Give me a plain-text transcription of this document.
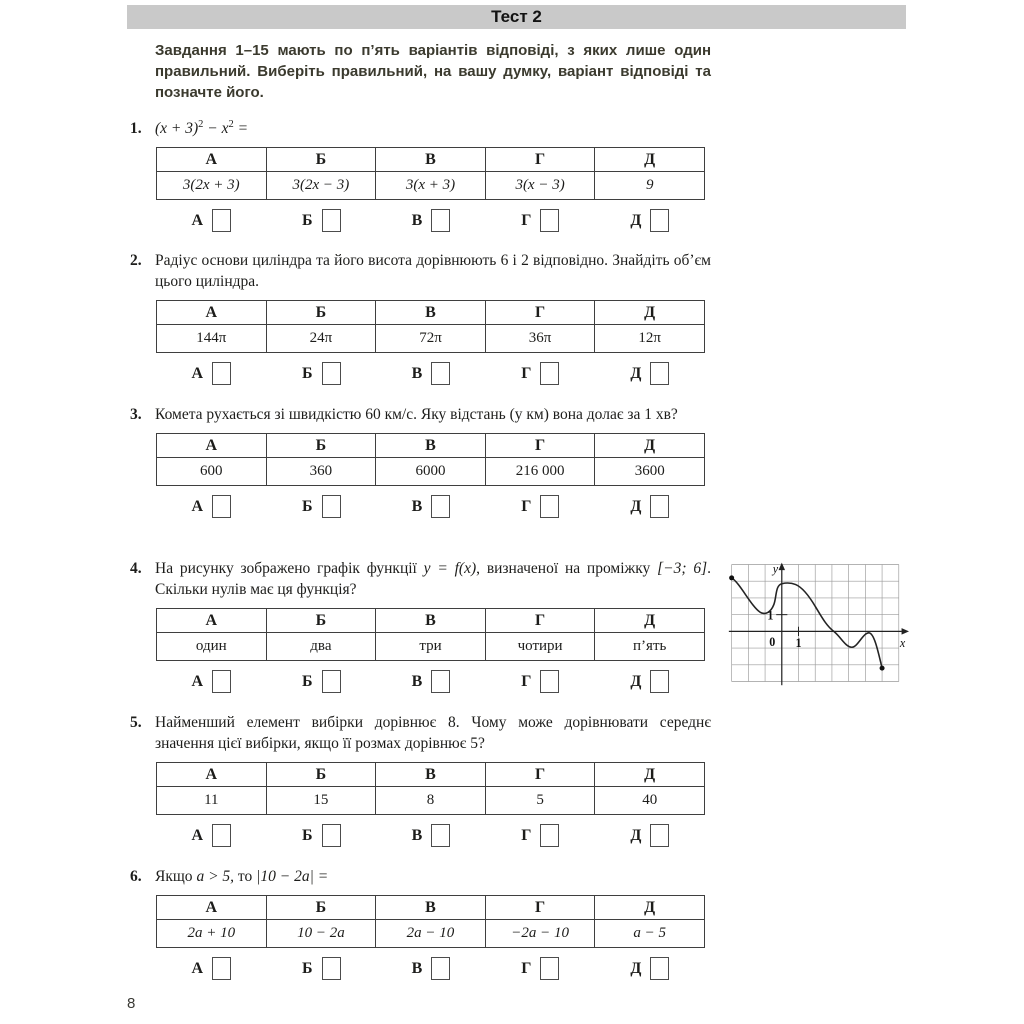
Тест 2

Завдання 1–15 мають по п’ять варіантів відповіді, з яких лише один правильний. Виберіть правильний, на вашу думку, варіант відповіді та позначте його.

1. $(x + 3)^2 - x^2$ =

А	Б	В	Г	Д
3(2x + 3)	3(2x − 3)	3(x + 3)	3(x − 3)	9
А	Б	В	Г	Д
2. Радіус основи циліндра та його висота дорівнюють 6 і 2 відповідно. Знайдіть об’єм цього циліндра.

А	Б	В	Г	Д
144π	24π	72π	36π	12π
А	Б	В	Г	Д
3. Комета рухається зі швидкістю 60 км/с. Яку відстань (у км) вона долає за 1 хв?

А	Б	В	Г	Д
600	360	6000	216 000	3600
А	Б	В	Г	Д
4. На рисунку зображено графік функції y = f(x), визначеної на проміжку [−3; 6]. Скільки нулів має ця функція?

А	Б	В	Г	Д
один	два	три	чотири	п’ять
А	Б	В	Г	Д
y
x
1
0 1
5. Найменший елемент вибірки дорівнює 8. Чому може дорівнювати середнє значення цієї вибірки, якщо її розмах дорівнює 5?

А	Б	В	Г	Д
11	15	8	5	40
А	Б	В	Г	Д
6. Якщо a > 5, то |10 − 2a| =

А	Б	В	Г	Д
2a + 10	10 − 2a	2a − 10	−2a − 10	a − 5
А	Б	В	Г	Д
8
